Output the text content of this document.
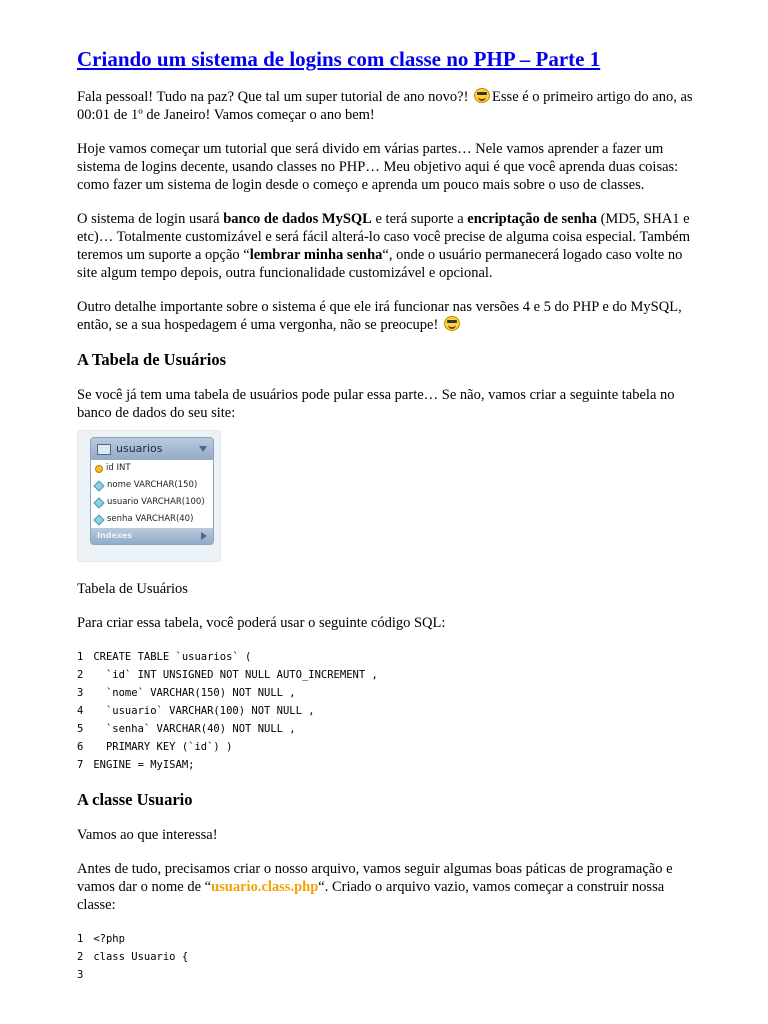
Criando um sistema de logins com classe no PHP – Parte 1

Fala pessoal! Tudo na paz? Que tal um super tutorial de ano novo?! Esse é o primeiro artigo do ano, as 00:01 de 1º de Janeiro! Vamos começar o ano bem!

Hoje vamos começar um tutorial que será divido em várias partes… Nele vamos aprender a fazer um sistema de logins decente, usando classes no PHP… Meu objetivo aqui é que você aprenda duas coisas: como fazer um sistema de login desde o começo e aprenda um pouco mais sobre o uso de classes.

O sistema de login usará banco de dados MySQL e terá suporte a encriptação de senha (MD5, SHA1 e etc)… Totalmente customizável e será fácil alterá-lo caso você precise de alguma coisa especial. Também teremos um suporte a opção “lembrar minha senha“, onde o usuário permanecerá logado caso volte no site algum tempo depois, outra funcionalidade customizável e opcional.

Outro detalhe importante sobre o sistema é que ele irá funcionar nas versões 4 e 5 do PHP e do MySQL, então, se a sua hospedagem é uma vergonha, não se preocupe!

A Tabela de Usuários

Se você já tem uma tabela de usuários pode pular essa parte… Se não, vamos criar a seguinte tabela no banco de dados do seu site:

usuarios
id INT
nome VARCHAR(150)
usuario VARCHAR(100)
senha VARCHAR(40)
Indexes

Tabela de Usuários

Para criar essa tabela, você poderá usar o seguinte código SQL:

1 CREATE TABLE `usuarios` (
2   `id` INT UNSIGNED NOT NULL AUTO_INCREMENT ,
3   `nome` VARCHAR(150) NOT NULL ,
4   `usuario` VARCHAR(100) NOT NULL ,
5   `senha` VARCHAR(40) NOT NULL ,
6   PRIMARY KEY (`id`) )
7 ENGINE = MyISAM;
A classe Usuario

Vamos ao que interessa!

Antes de tudo, precisamos criar o nosso arquivo, vamos seguir algumas boas páticas de programação e vamos dar o nome de “usuario.class.php“. Criado o arquivo vazio, vamos começar a construir nossa classe:

1 <?php
2 class Usuario {
3
